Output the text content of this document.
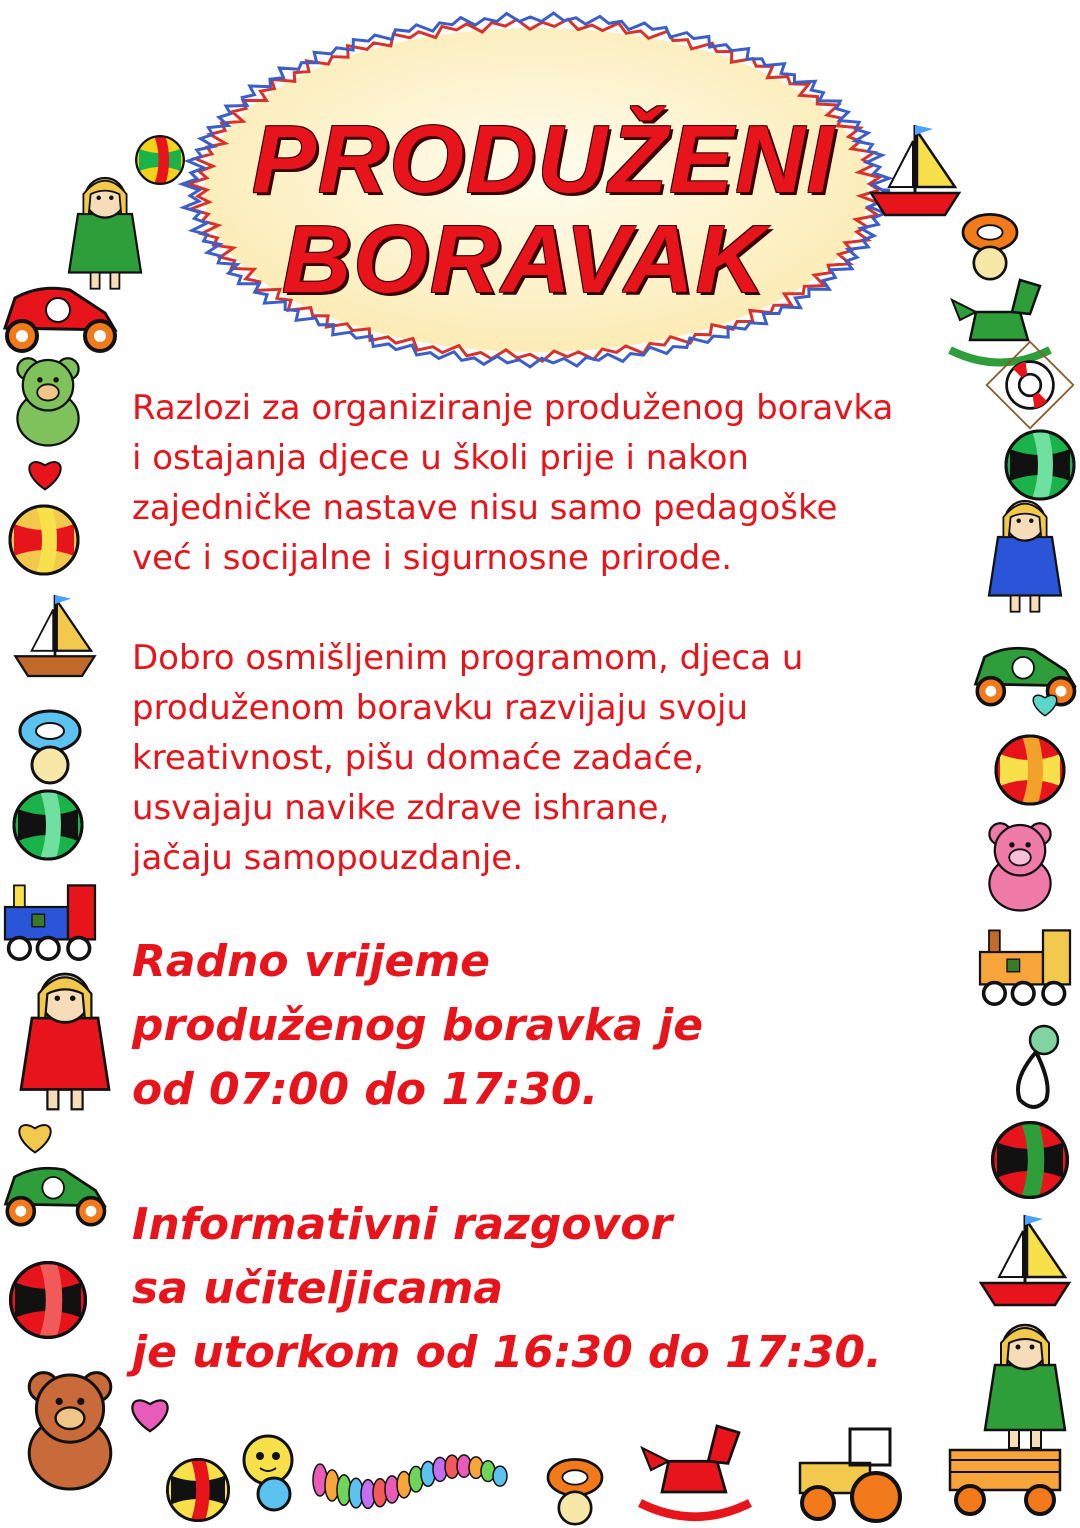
PRODUŽENI
BORAVAK
Razlozi za organiziranje produženog boravka
i ostajanja djece u školi prije i nakon
zajedničke nastave nisu samo pedagoške
već i socijalne i sigurnosne prirode.
Dobro osmišljenim programom, djeca u
produženom boravku razvijaju svoju
kreativnost, pišu domaće zadaće,
usvajaju navike zdrave ishrane,
jačaju samopouzdanje.
Radno vrijeme
produženog boravka je
od 07:00 do 17:30.
Informativni razgovor
sa učiteljicama
je utorkom od 16:30 do 17:30.
